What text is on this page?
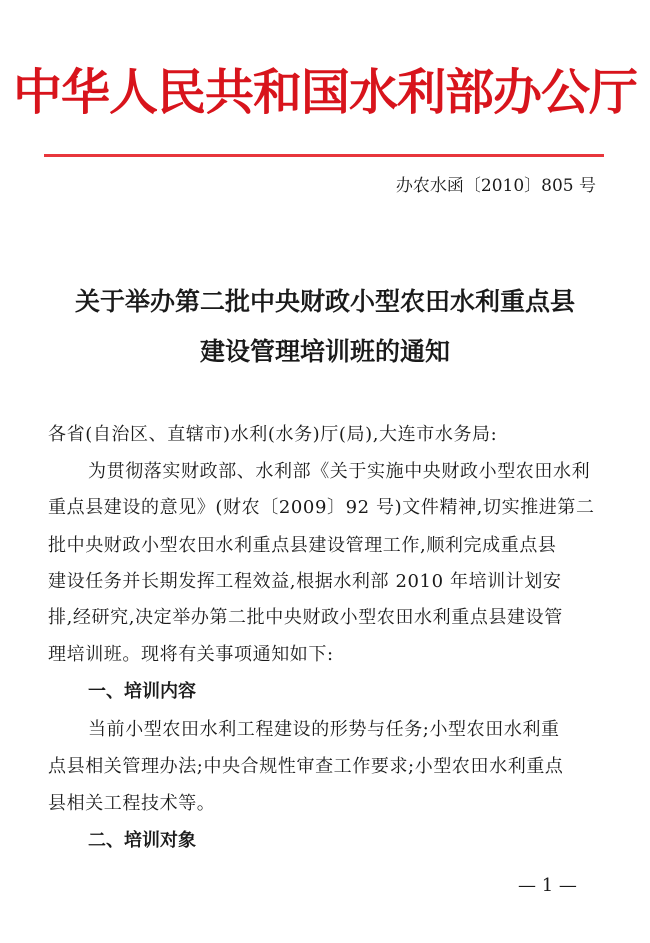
中华人民共和国水利部办公厅
办农水函〔2010〕805 号
关于举办第二批中央财政小型农田水利重点县
建设管理培训班的通知
各省(自治区、直辖市)水利(水务)厅(局),大连市水务局:
为贯彻落实财政部、水利部《关于实施中央财政小型农田水利
重点县建设的意见》(财农〔2009〕92 号)文件精神,切实推进第二
批中央财政小型农田水利重点县建设管理工作,顺利完成重点县
建设任务并长期发挥工程效益,根据水利部 2010 年培训计划安
排,经研究,决定举办第二批中央财政小型农田水利重点县建设管
理培训班。现将有关事项通知如下:
一、培训内容
当前小型农田水利工程建设的形势与任务;小型农田水利重
点县相关管理办法;中央合规性审查工作要求;小型农田水利重点
县相关工程技术等。
二、培训对象
— 1 —
